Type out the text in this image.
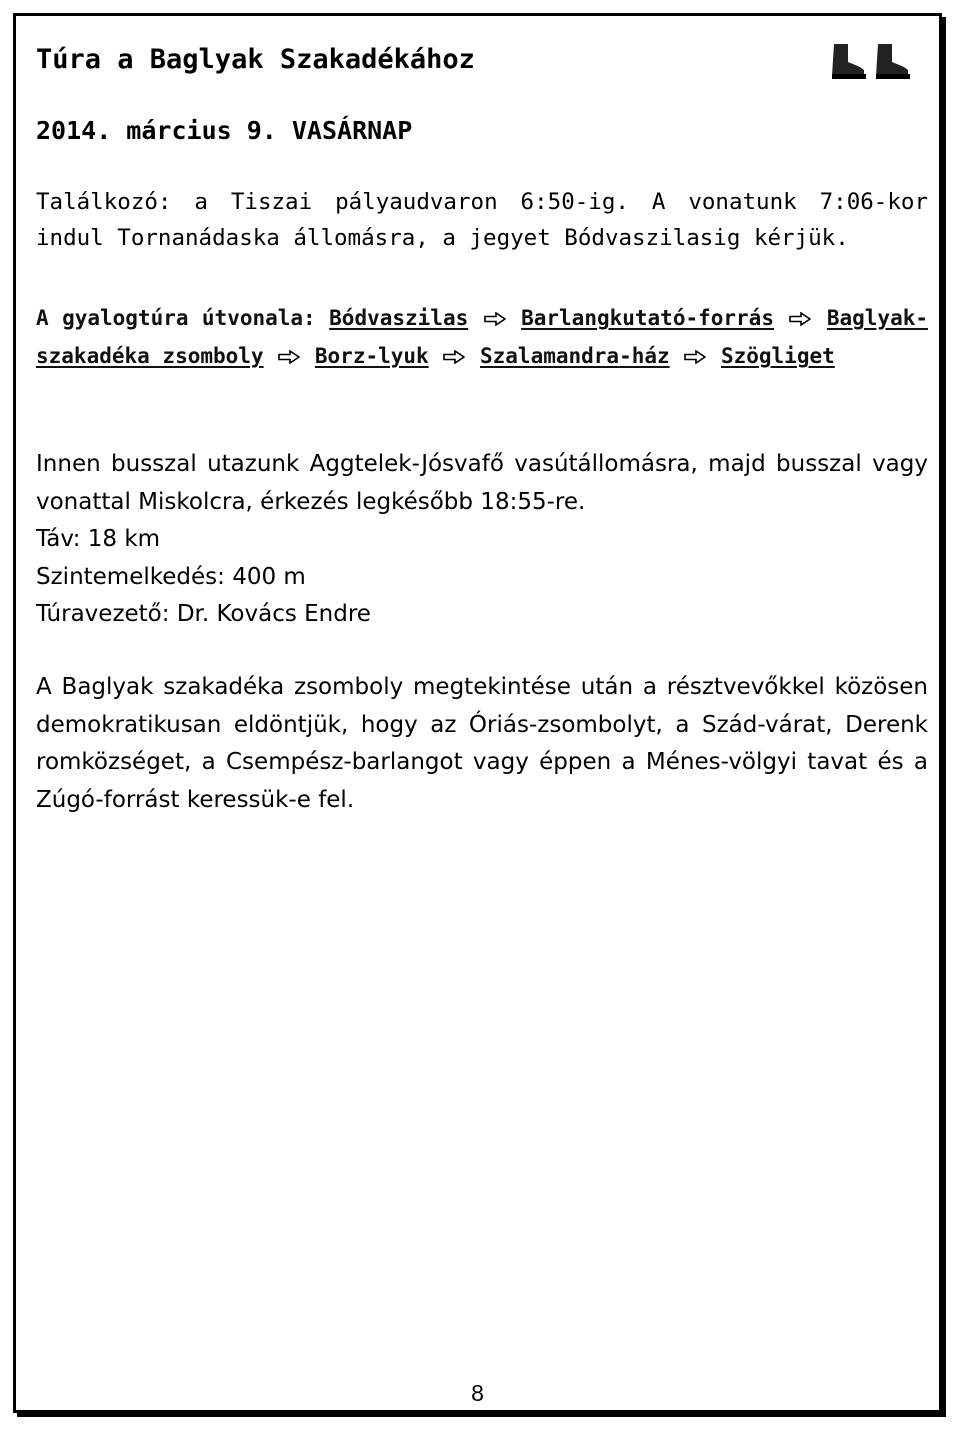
Túra a Baglyak Szakadékához
2014. március 9. VASÁRNAP
Találkozó: a Tiszai pályaudvaron 6:50-ig. A vonatunk 7:06-kor indul Tornanádaska állomásra, a jegyet Bódvaszilasig kérjük.
A gyalogtúra útvonala: Bódvaszilas	Barlangkutató-forrás	Baglyak-szakadéka zsomboly Borz-lyuk Szalamandra-ház Szögliget
Innen busszal utazunk Aggtelek-Jósvafő vasútállomásra, majd busszal vagy vonattal Miskolcra, érkezés legkésőbb 18:55-re.
Táv: 18 km
Szintemelkedés: 400 m
Túravezető: Dr. Kovács Endre
A Baglyak szakadéka zsomboly megtekintése után a résztvevőkkel közösen demokratikusan eldöntjük, hogy az Óriás-zsombolyt, a Szád-várat, Derenk romközséget, a Csempész-barlangot vagy éppen a Ménes-völgyi tavat és a Zúgó-forrást keressük-e fel.
8
